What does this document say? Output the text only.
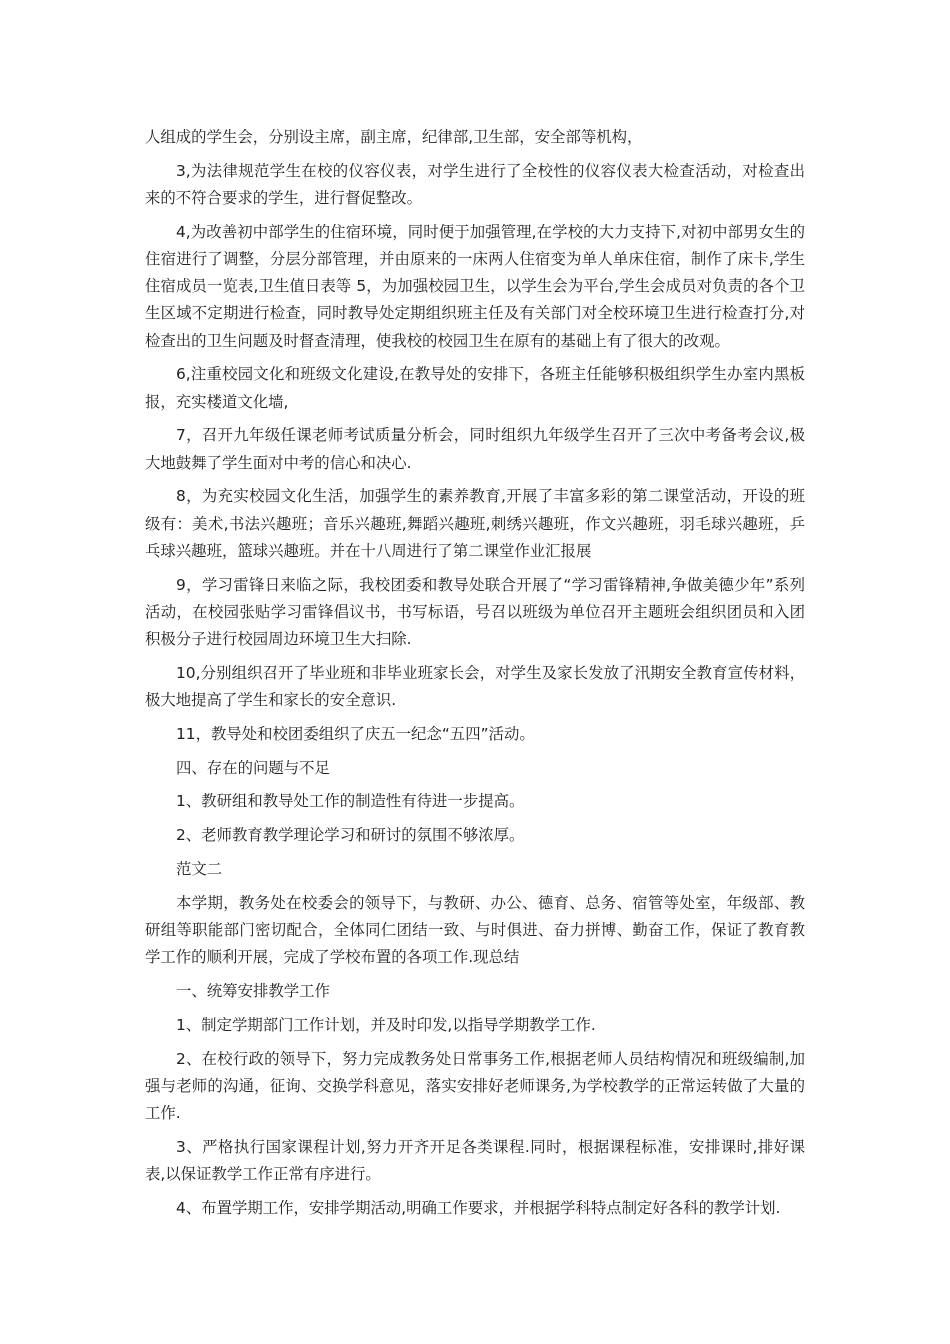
人组成的学生会，分别设主席，副主席，纪律部,卫生部，安全部等机构，

3,为法律规范学生在校的仪容仪表，对学生进行了全校性的仪容仪表大检查活动，对检查出来的不符合要求的学生，进行督促整改。

4,为改善初中部学生的住宿环境，同时便于加强管理,在学校的大力支持下,对初中部男女生的住宿进行了调整，分层分部管理，并由原来的一床两人住宿变为单人单床住宿，制作了床卡,学生住宿成员一览表,卫生值日表等 5，为加强校园卫生，以学生会为平台,学生会成员对负责的各个卫生区域不定期进行检查，同时教导处定期组织班主任及有关部门对全校环境卫生进行检查打分,对检查出的卫生问题及时督查清理，使我校的校园卫生在原有的基础上有了很大的改观。

6,注重校园文化和班级文化建设,在教导处的安排下，各班主任能够积极组织学生办室内黑板报，充实楼道文化墙,

7，召开九年级任课老师考试质量分析会，同时组织九年级学生召开了三次中考备考会议,极大地鼓舞了学生面对中考的信心和决心.

8，为充实校园文化生活，加强学生的素养教育,开展了丰富多彩的第二课堂活动，开设的班级有：美术,书法兴趣班；音乐兴趣班,舞蹈兴趣班,刺绣兴趣班，作文兴趣班，羽毛球兴趣班，乒乓球兴趣班，篮球兴趣班。并在十八周进行了第二课堂作业汇报展

9，学习雷锋日来临之际，我校团委和教导处联合开展了“学习雷锋精神,争做美德少年”系列活动，在校园张贴学习雷锋倡议书，书写标语，号召以班级为单位召开主题班会组织团员和入团积极分子进行校园周边环境卫生大扫除.

10,分别组织召开了毕业班和非毕业班家长会，对学生及家长发放了汛期安全教育宣传材料，极大地提高了学生和家长的安全意识.

11，教导处和校团委组织了庆五一纪念“五四”活动。

四、存在的问题与不足

1、教研组和教导处工作的制造性有待进一步提高。

2、老师教育教学理论学习和研讨的氛围不够浓厚。

范文二

本学期，教务处在校委会的领导下，与教研、办公、德育、总务、宿管等处室，年级部、教研组等职能部门密切配合，全体同仁团结一致、与时俱进、奋力拼博、勤奋工作，保证了教育教学工作的顺利开展，完成了学校布置的各项工作.现总结

一、统筹安排教学工作

1、制定学期部门工作计划，并及时印发,以指导学期教学工作.

2、在校行政的领导下，努力完成教务处日常事务工作,根据老师人员结构情况和班级编制,加强与老师的沟通，征询、交换学科意见，落实安排好老师课务,为学校教学的正常运转做了大量的工作.

3、严格执行国家课程计划,努力开齐开足各类课程.同时，根据课程标准，安排课时,排好课表,以保证教学工作正常有序进行。

4、布置学期工作，安排学期活动,明确工作要求，并根据学科特点制定好各科的教学计划.
